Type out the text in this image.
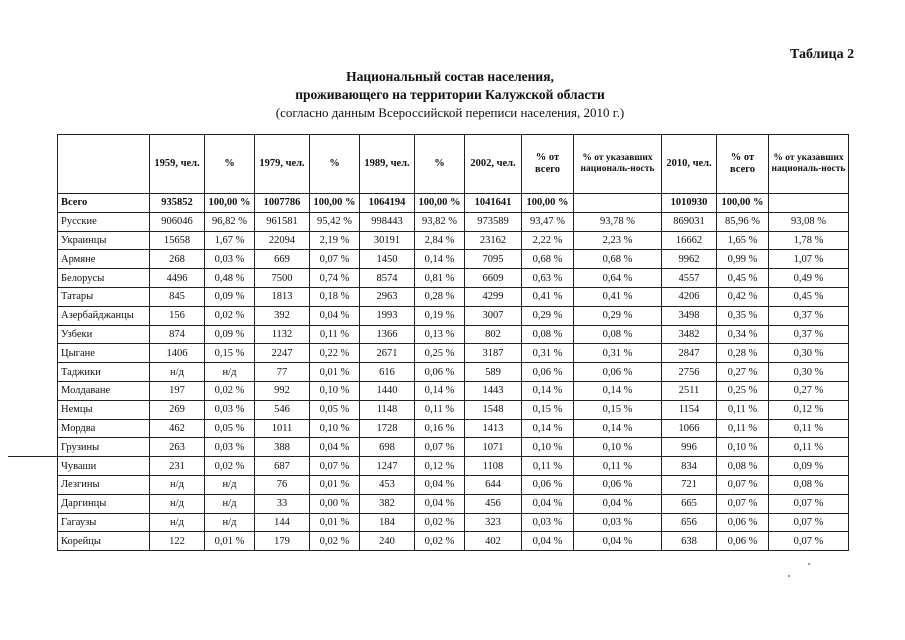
Таблица 2
Национальный состав населения,
проживающего на территории Калужской области
(согласно данным Всероссийской переписи населения, 2010 г.)
	1959, чел.	%	1979, чел.	%	1989, чел.	%	2002, чел.	% от всего	% от указавших националь-ность	2010, чел.	% от всего	% от указавших националь-ность
Всего	935852	100,00 %	1007786	100,00 %	1064194	100,00 %	1041641	100,00 %		1010930	100,00 %	
Русские	906046	96,82 %	961581	95,42 %	998443	93,82 %	973589	93,47 %	93,78 %	869031	85,96 %	93,08 %
Украинцы	15658	1,67 %	22094	2,19 %	30191	2,84 %	23162	2,22 %	2,23 %	16662	1,65 %	1,78 %
Армяне	268	0,03 %	669	0,07 %	1450	0,14 %	7095	0,68 %	0,68 %	9962	0,99 %	1,07 %
Белорусы	4496	0,48 %	7500	0,74 %	8574	0,81 %	6609	0,63 %	0,64 %	4557	0,45 %	0,49 %
Татары	845	0,09 %	1813	0,18 %	2963	0,28 %	4299	0,41 %	0,41 %	4206	0,42 %	0,45 %
Азербайджанцы	156	0,02 %	392	0,04 %	1993	0,19 %	3007	0,29 %	0,29 %	3498	0,35 %	0,37 %
Узбеки	874	0,09 %	1132	0,11 %	1366	0,13 %	802	0,08 %	0,08 %	3482	0,34 %	0,37 %
Цыгане	1406	0,15 %	2247	0,22 %	2671	0,25 %	3187	0,31 %	0,31 %	2847	0,28 %	0,30 %
Таджики	н/д	н/д	77	0,01 %	616	0,06 %	589	0,06 %	0,06 %	2756	0,27 %	0,30 %
Молдаване	197	0,02 %	992	0,10 %	1440	0,14 %	1443	0,14 %	0,14 %	2511	0,25 %	0,27 %
Немцы	269	0,03 %	546	0,05 %	1148	0,11 %	1548	0,15 %	0,15 %	1154	0,11 %	0,12 %
Мордва	462	0,05 %	1011	0,10 %	1728	0,16 %	1413	0,14 %	0,14 %	1066	0,11 %	0,11 %
Грузины	263	0,03 %	388	0,04 %	698	0,07 %	1071	0,10 %	0,10 %	996	0,10 %	0,11 %
Чуваши	231	0,02 %	687	0,07 %	1247	0,12 %	1108	0,11 %	0,11 %	834	0,08 %	0,09 %
Лезгины	н/д	н/д	76	0,01 %	453	0,04 %	644	0,06 %	0,06 %	721	0,07 %	0,08 %
Даргинцы	н/д	н/д	33	0,00 %	382	0,04 %	456	0,04 %	0,04 %	665	0,07 %	0,07 %
Гагаузы	н/д	н/д	144	0,01 %	184	0,02 %	323	0,03 %	0,03 %	656	0,06 %	0,07 %
Корейцы	122	0,01 %	179	0,02 %	240	0,02 %	402	0,04 %	0,04 %	638	0,06 %	0,07 %
